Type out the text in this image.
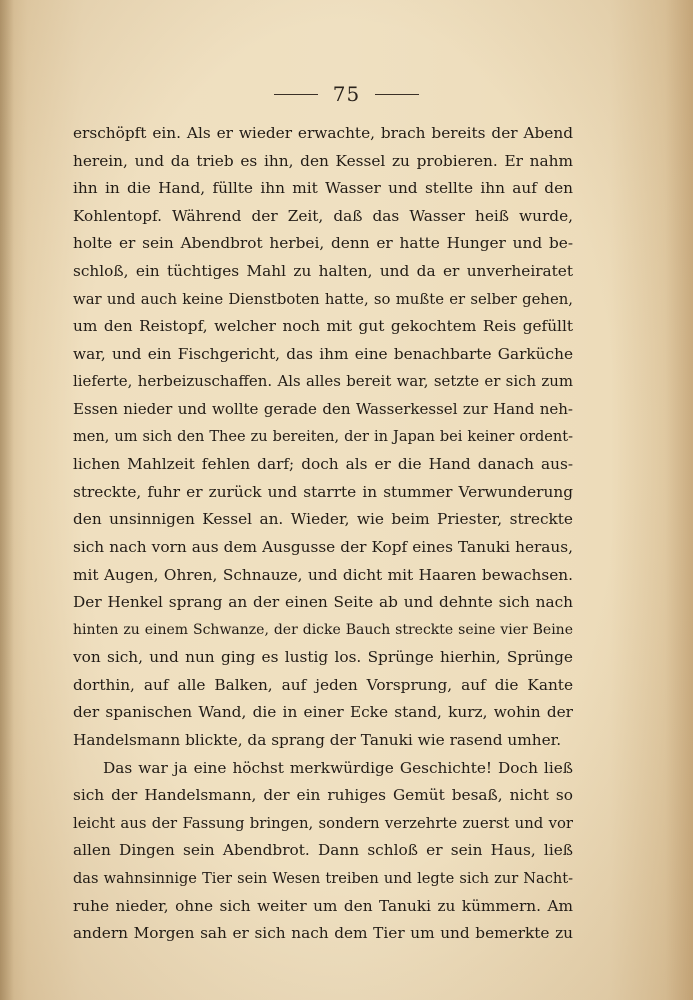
75
erschöpft ein. Als er wieder erwachte, brach bereits der Abend
herein, und da trieb es ihn, den Kessel zu probieren. Er nahm
ihn in die Hand, füllte ihn mit Wasser und stellte ihn auf den
Kohlentopf. Während der Zeit, daß das Wasser heiß wurde,
holte er sein Abendbrot herbei, denn er hatte Hunger und be-
schloß, ein tüchtiges Mahl zu halten, und da er unverheiratet
war und auch keine Dienstboten hatte, so mußte er selber gehen,
um den Reistopf, welcher noch mit gut gekochtem Reis gefüllt
war, und ein Fischgericht, das ihm eine benachbarte Garküche
lieferte, herbeizuschaffen. Als alles bereit war, setzte er sich zum
Essen nieder und wollte gerade den Wasserkessel zur Hand neh-
men, um sich den Thee zu bereiten, der in Japan bei keiner ordent-
lichen Mahlzeit fehlen darf; doch als er die Hand danach aus-
streckte, fuhr er zurück und starrte in stummer Verwunderung
den unsinnigen Kessel an. Wieder, wie beim Priester, streckte
sich nach vorn aus dem Ausgusse der Kopf eines Tanuki heraus,
mit Augen, Ohren, Schnauze, und dicht mit Haaren bewachsen.
Der Henkel sprang an der einen Seite ab und dehnte sich nach
hinten zu einem Schwanze, der dicke Bauch streckte seine vier Beine
von sich, und nun ging es lustig los. Sprünge hierhin, Sprünge
dorthin, auf alle Balken, auf jeden Vorsprung, auf die Kante
der spanischen Wand, die in einer Ecke stand, kurz, wohin der
Handelsmann blickte, da sprang der Tanuki wie rasend umher.
Das war ja eine höchst merkwürdige Geschichte! Doch ließ
sich der Handelsmann, der ein ruhiges Gemüt besaß, nicht so
leicht aus der Fassung bringen, sondern verzehrte zuerst und vor
allen Dingen sein Abendbrot. Dann schloß er sein Haus, ließ
das wahnsinnige Tier sein Wesen treiben und legte sich zur Nacht-
ruhe nieder, ohne sich weiter um den Tanuki zu kümmern. Am
andern Morgen sah er sich nach dem Tier um und bemerkte zu
